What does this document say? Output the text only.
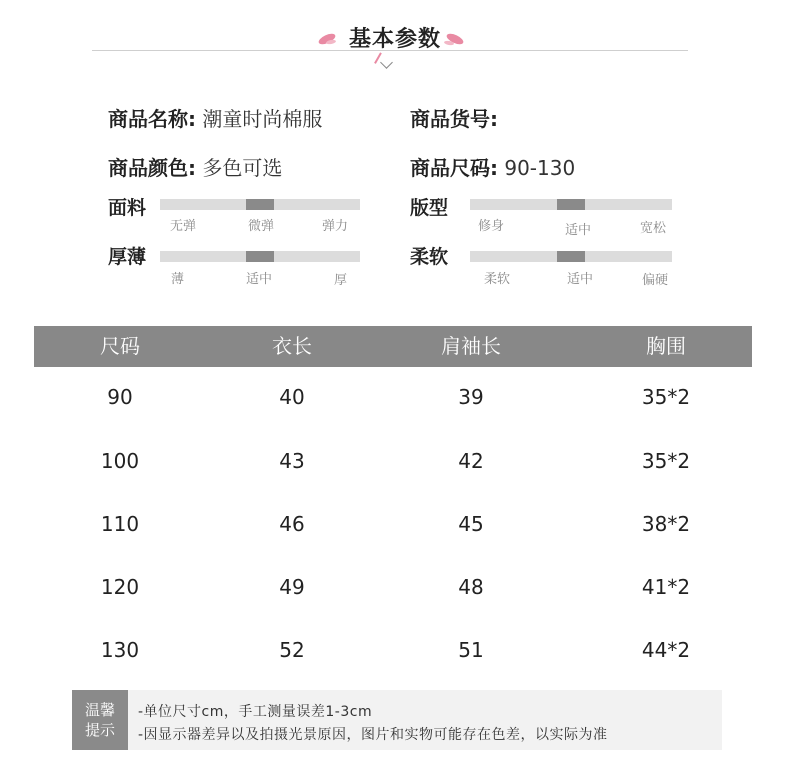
基本参数
商品名称: 潮童时尚棉服	商品货号:
商品颜色: 多色可选	商品尺码: 90-130
面料
无弹	微弹	弹力
版型
修身	适中	宽松
厚薄
薄	适中	厚
柔软
柔软	适中	偏硬
尺码	衣长	肩袖长	胸围
90	40	39	35*2
100	43	42	35*2
110	46	45	38*2
120	49	48	41*2
130	52	51	44*2
-单位尺寸cm，手工测量误差1-3cm
-因显示器差异以及拍摄光景原因，图片和实物可能存在色差，以实际为准
温馨
提示
